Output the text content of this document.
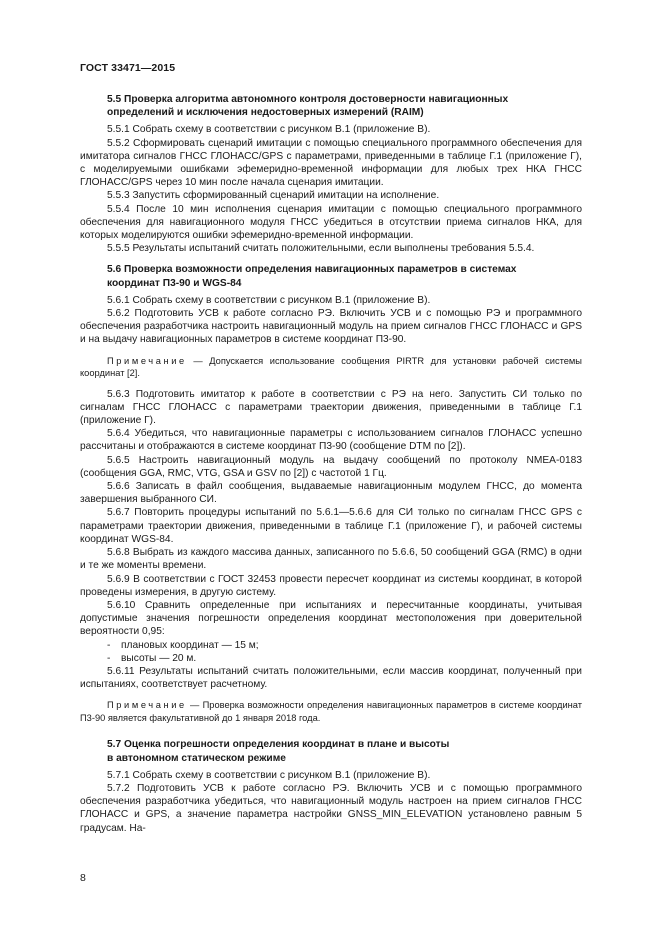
ГОСТ 33471—2015

5.5 Проверка алгоритма автономного контроля достоверности навигационных

определений и исключения недостоверных измерений (RAIM)

5.5.1 Собрать схему в соответствии с рисунком В.1 (приложение В).

5.5.2 Сформировать сценарий имитации с помощью специального программного обеспечения для имитатора сигналов ГНСС ГЛОНАСС/GPS с параметрами, приведенными в таблице Г.1 (приложение Г), с моделируемыми ошибками эфемеридно-временной информации для любых трех НКА ГНСС ГЛОНАСС/GPS через 10 мин после начала сценария имитации.

5.5.3 Запустить сформированный сценарий имитации на исполнение.

5.5.4 После 10 мин исполнения сценария имитации с помощью специального программного обеспечения для навигационного модуля ГНСС убедиться в отсутствии приема сигналов НКА, для которых моделируются ошибки эфемеридно-временной информации.

5.5.5 Результаты испытаний считать положительными, если выполнены требования 5.5.4.

5.6 Проверка возможности определения навигационных параметров в системах

координат П3-90 и WGS-84

5.6.1 Собрать схему в соответствии с рисунком В.1 (приложение В).

5.6.2 Подготовить УСВ к работе согласно РЭ. Включить УСВ и с помощью РЭ и программного обеспечения разработчика настроить навигационный модуль на прием сигналов ГНСС ГЛОНАСС и GPS и на выдачу навигационных параметров в системе координат П3-90.

Примечание — Допускается использование сообщения PIRTR для установки рабочей системы координат [2].

5.6.3 Подготовить имитатор к работе в соответствии с РЭ на него. Запустить СИ только по сигналам ГНСС ГЛОНАСС с параметрами траектории движения, приведенными в таблице Г.1 (приложение Г).

5.6.4 Убедиться, что навигационные параметры с использованием сигналов ГЛОНАСС успешно рассчитаны и отображаются в системе координат П3-90 (сообщение DTM по [2]).

5.6.5 Настроить навигационный модуль на выдачу сообщений по протоколу NMEA-0183 (сообщения GGA, RMC, VTG, GSA и GSV по [2]) с частотой 1 Гц.

5.6.6 Записать в файл сообщения, выдаваемые навигационным модулем ГНСС, до момента завершения выбранного СИ.

5.6.7 Повторить процедуры испытаний по 5.6.1—5.6.6 для СИ только по сигналам ГНСС GPS с параметрами траектории движения, приведенными в таблице Г.1 (приложение Г), и рабочей системы координат WGS-84.

5.6.8 Выбрать из каждого массива данных, записанного по 5.6.6, 50 сообщений GGA (RMC) в одни и те же моменты времени.

5.6.9 В соответствии с ГОСТ 32453 провести пересчет координат из системы координат, в которой проведены измерения, в другую систему.

5.6.10 Сравнить определенные при испытаниях и пересчитанные координаты, учитывая допустимые значения погрешности определения координат местоположения при доверительной вероятности 0,95:

- плановых координат — 15 м;

- высоты — 20 м.

5.6.11 Результаты испытаний считать положительными, если массив координат, полученный при испытаниях, соответствует расчетному.

Примечание — Проверка возможности определения навигационных параметров в системе координат П3-90 является факультативной до 1 января 2018 года.

5.7 Оценка погрешности определения координат в плане и высоты

в автономном статическом режиме

5.7.1 Собрать схему в соответствии с рисунком В.1 (приложение В).

5.7.2 Подготовить УСВ к работе согласно РЭ. Включить УСВ и с помощью программного обеспечения разработчика убедиться, что навигационный модуль настроен на прием сигналов ГНСС ГЛОНАСС и GPS, а значение параметра настройки GNSS_MIN_ELEVATION установлено равным 5 градусам. На-

8
